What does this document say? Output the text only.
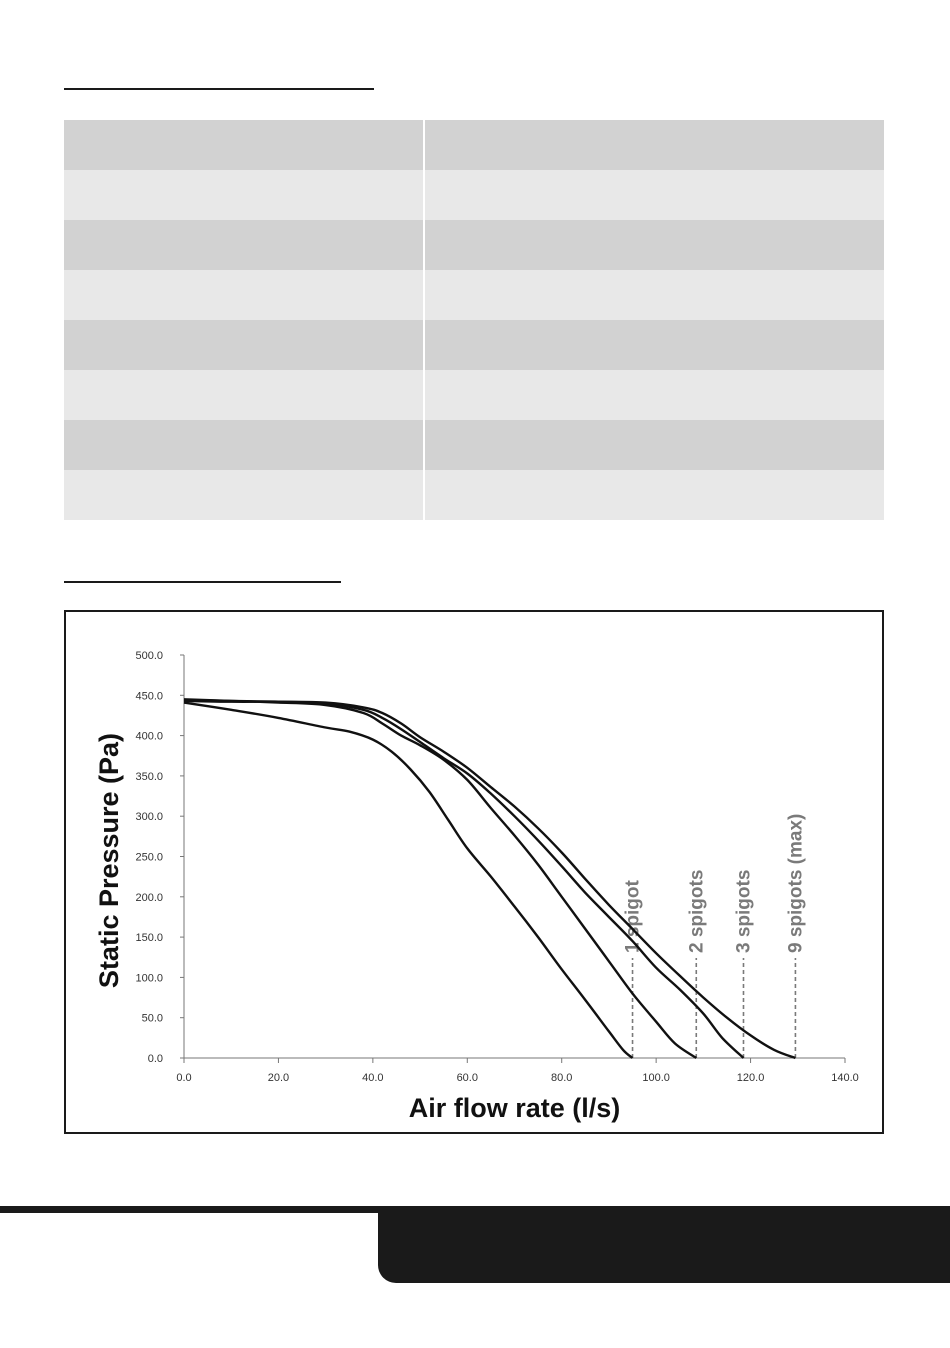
0.0
50.0
100.0
150.0
200.0
250.0
300.0
350.0
400.0
450.0
500.0
0.0	20.0	40.0	60.0	80.0	100.0	120.0	140.0
1 spigot 2 spigots 3 spigots 9 spigots (max)
Air flow rate (l/s)
Static Pressure (Pa)
